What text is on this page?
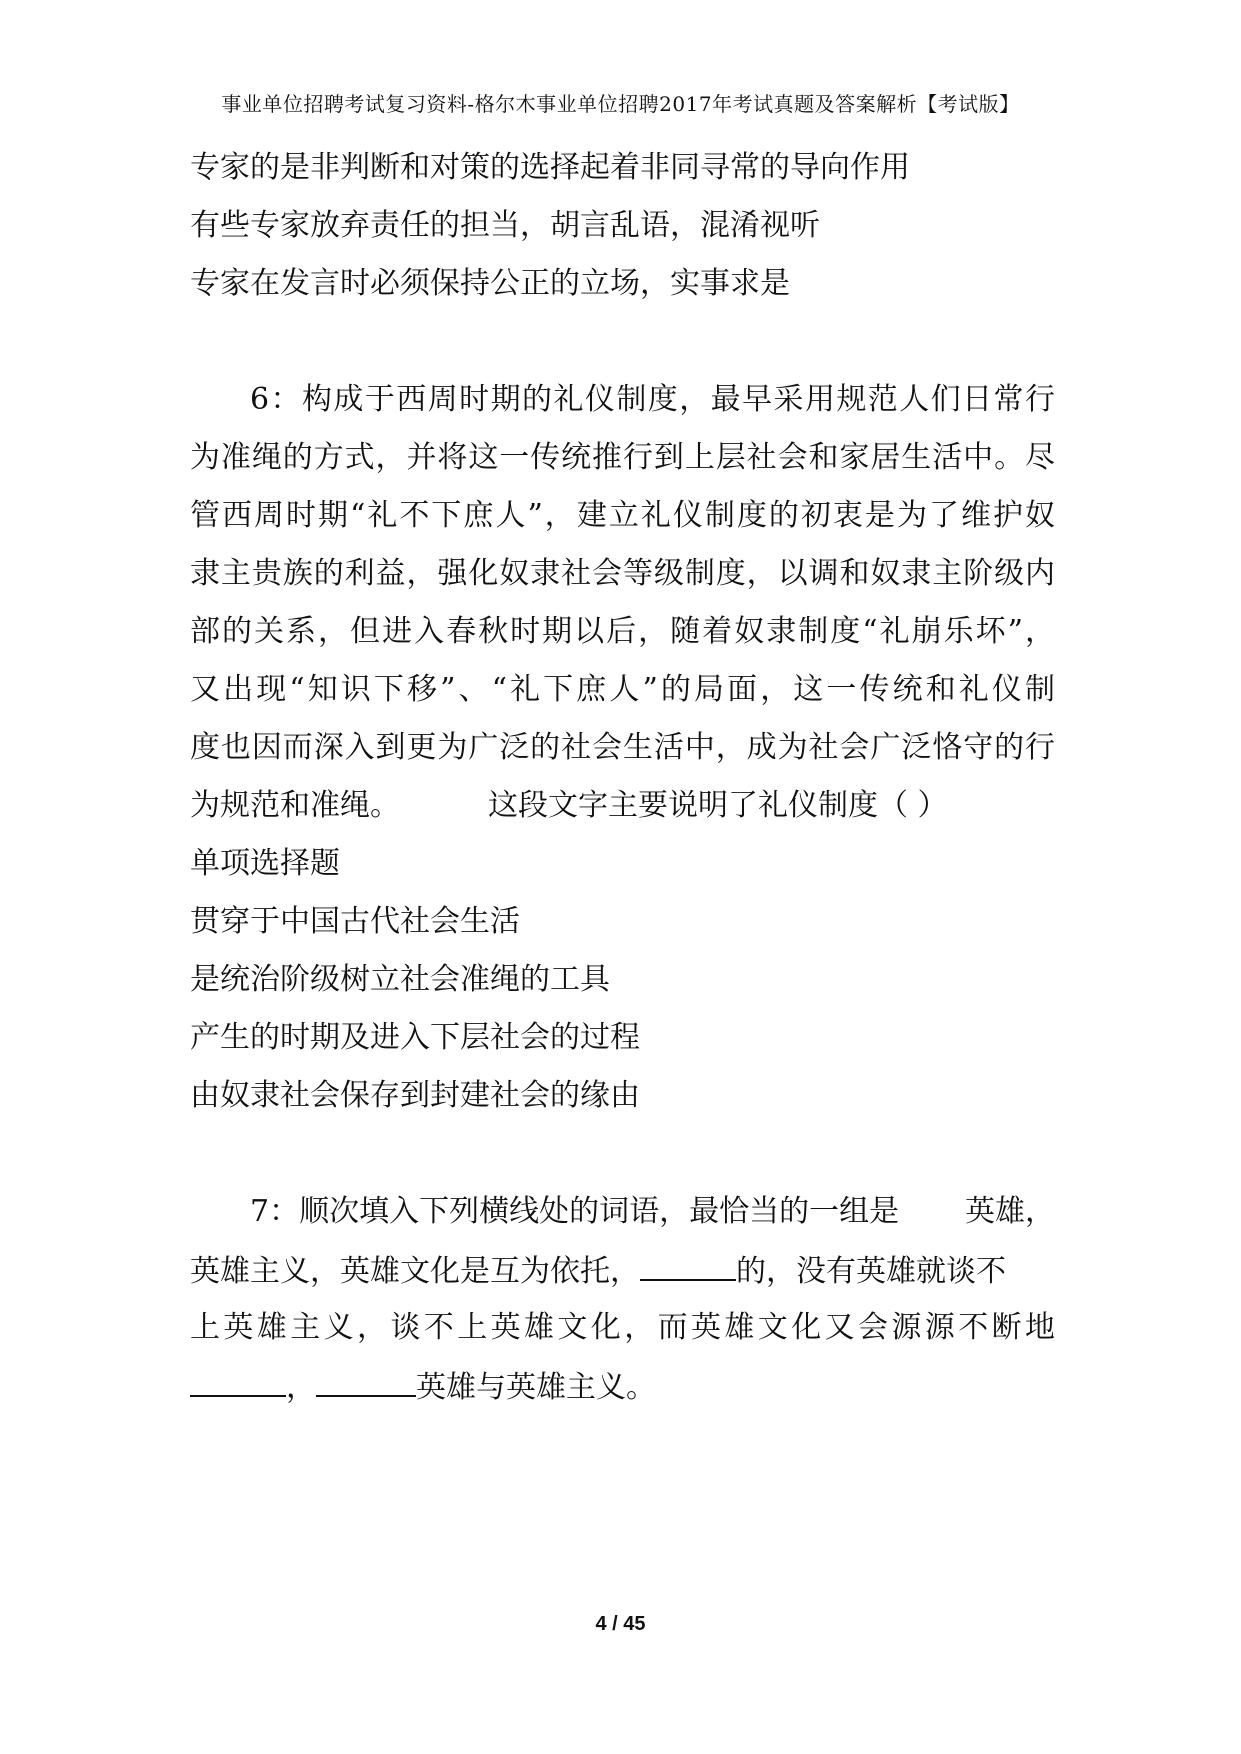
事业单位招聘考试复习资料-格尔木事业单位招聘2017年考试真题及答案解析【考试版】
专家的是非判断和对策的选择起着非同寻常的导向作用
有些专家放弃责任的担当，胡言乱语，混淆视听
专家在发言时必须保持公正的立场，实事求是
6：构成于西周时期的礼仪制度，最早采用规范人们日常行
为准绳的方式，并将这一传统推行到上层社会和家居生活中。尽
管西周时期“礼不下庶人”，建立礼仪制度的初衷是为了维护奴
隶主贵族的利益，强化奴隶社会等级制度，以调和奴隶主阶级内
部的关系，但进入春秋时期以后，随着奴隶制度“礼崩乐坏”，
又出现“知识下移”、“礼下庶人”的局面，这一传统和礼仪制
度也因而深入到更为广泛的社会生活中，成为社会广泛恪守的行
为规范和准绳。	这段文字主要说明了礼仪制度（ ）
单项选择题
贯穿于中国古代社会生活
是统治阶级树立社会准绳的工具
产生的时期及进入下层社会的过程
由奴隶社会保存到封建社会的缘由
7：顺次填入下列横线处的词语，最恰当的一组是 英雄，
英雄主义，英雄文化是互为依托，	的，没有英雄就谈不
上英雄主义，谈不上英雄文化，而英雄文化又会源源不断地
，	英雄与英雄主义。
4 / 45
